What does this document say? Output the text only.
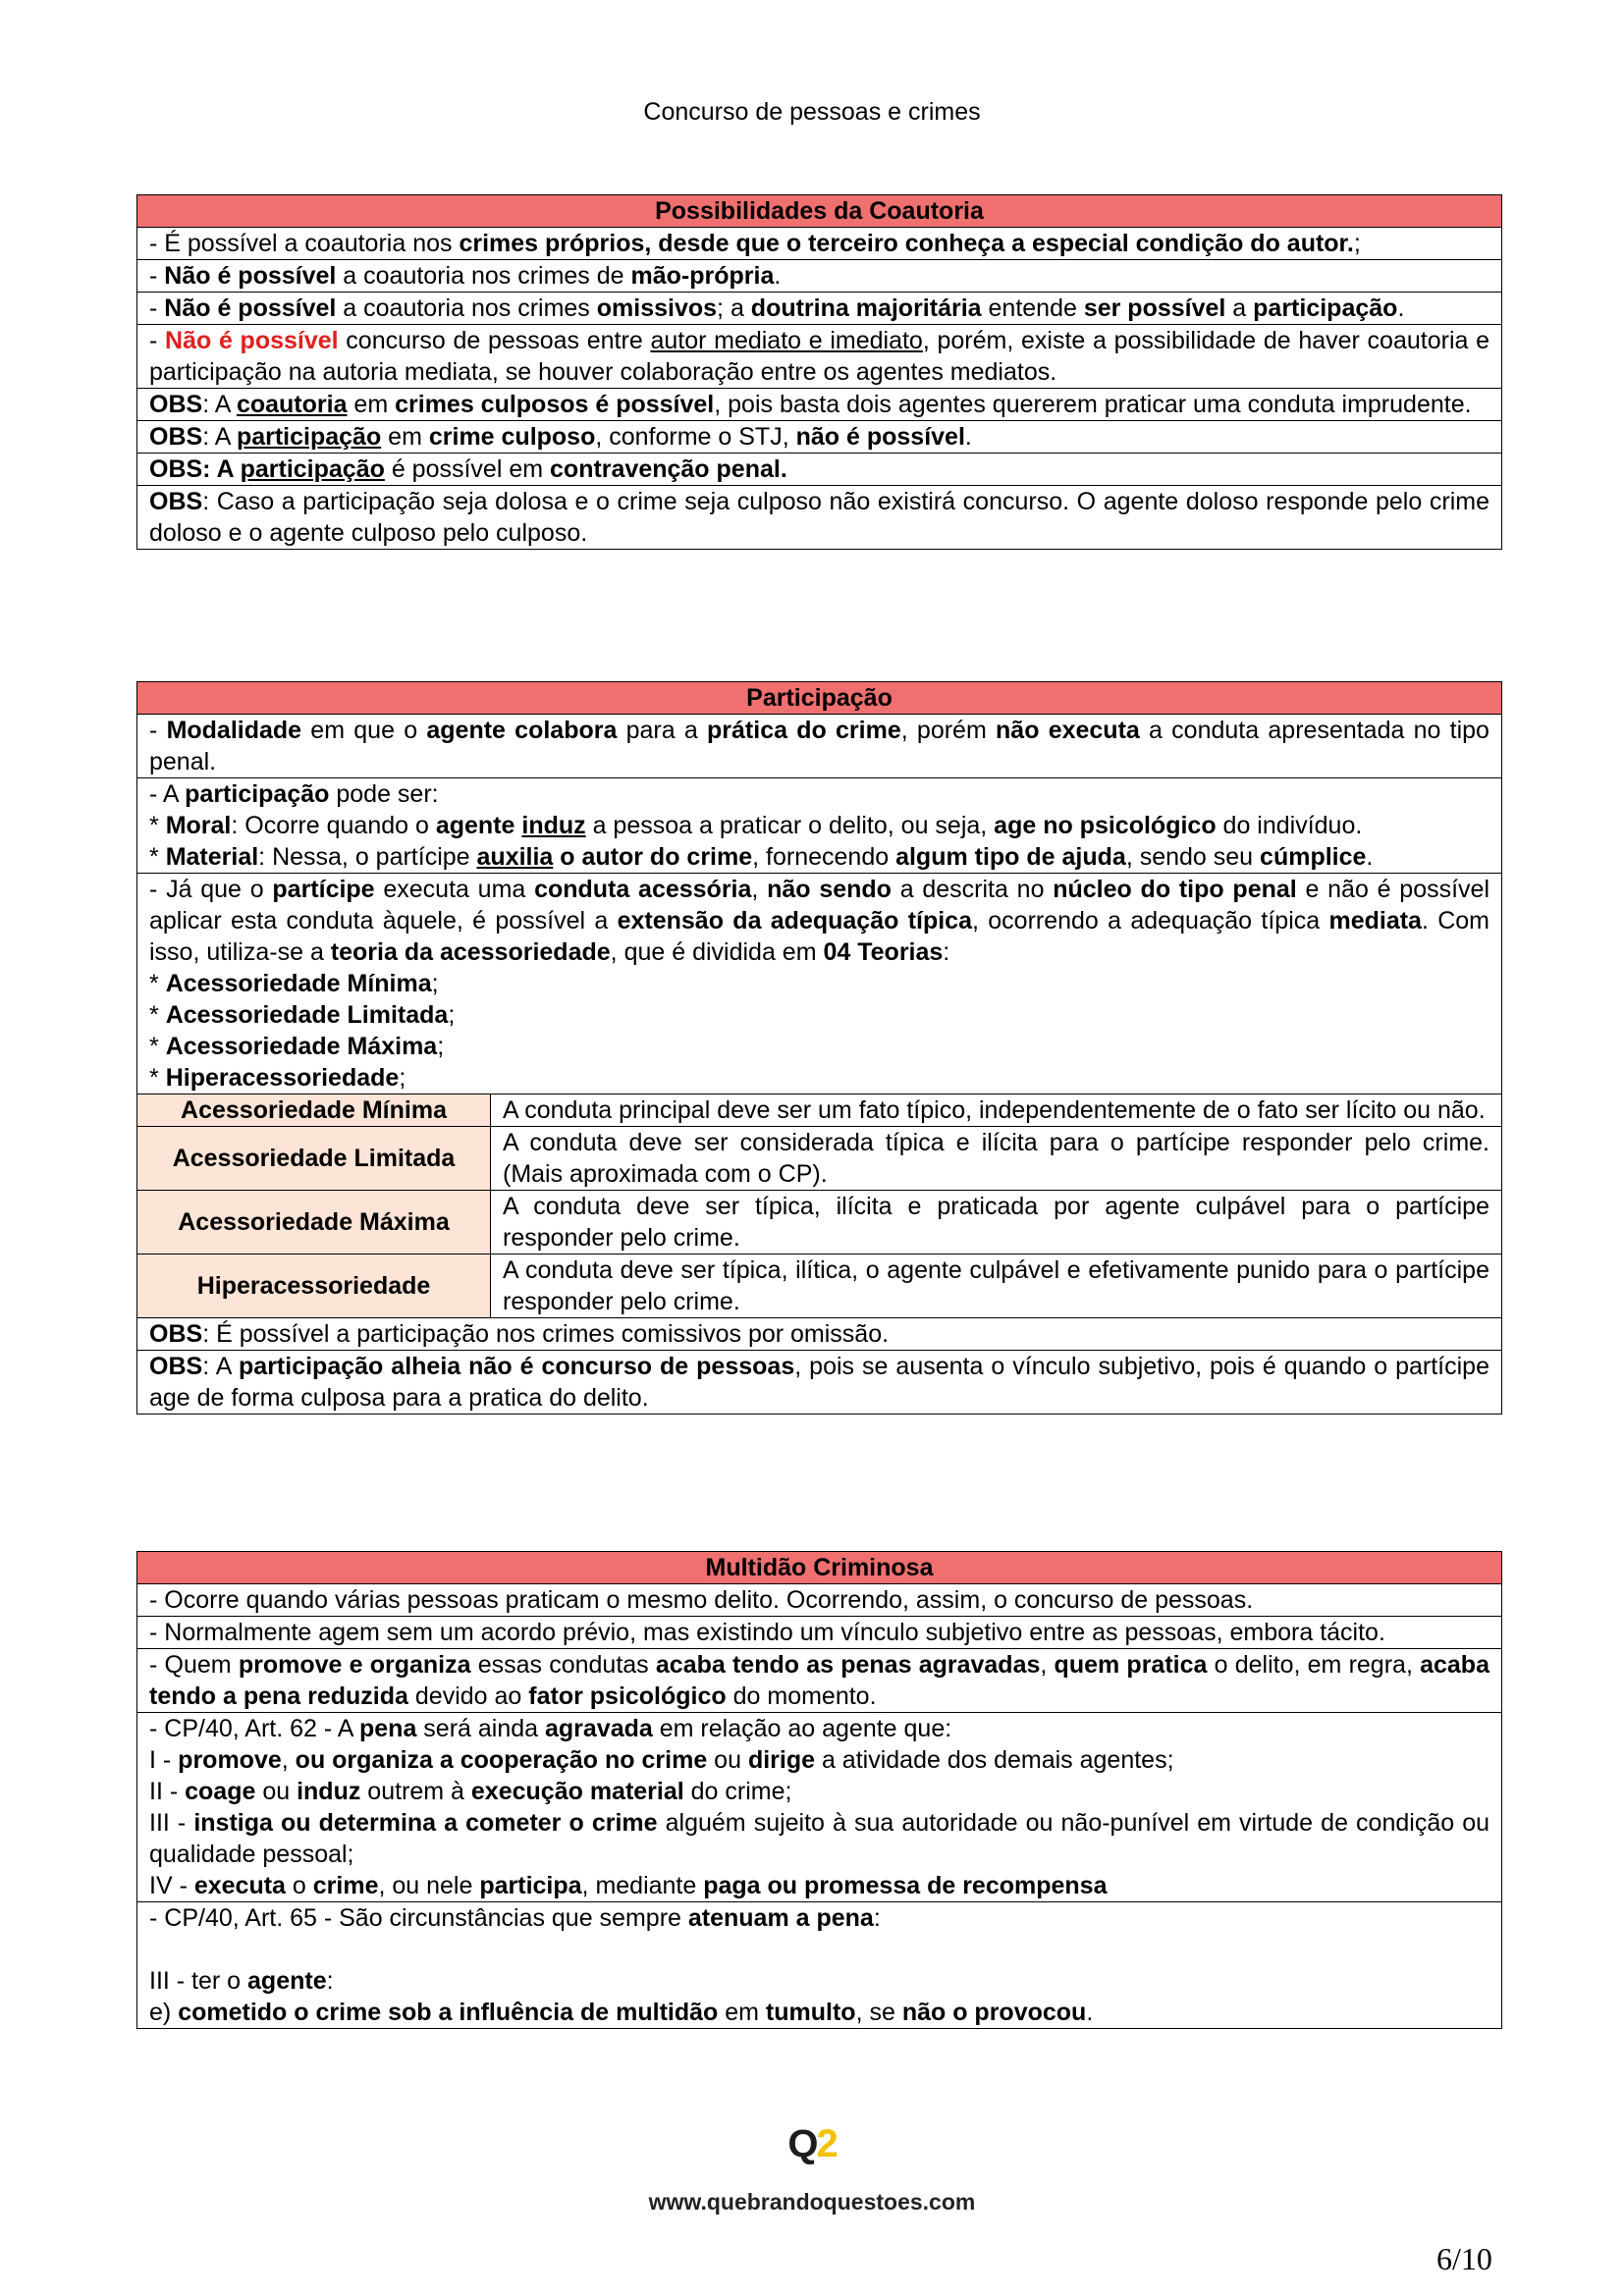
Concurso de pessoas e crimes
Possibilidades da Coautoria
- É possível a coautoria nos crimes próprios, desde que o terceiro conheça a especial condição do autor.;
- Não é possível a coautoria nos crimes de mão-própria.
- Não é possível a coautoria nos crimes omissivos; a doutrina majoritária entende ser possível a participação.
- Não é possível concurso de pessoas entre autor mediato e imediato, porém, existe a possibilidade de haver coautoria e participação na autoria mediata, se houver colaboração entre os agentes mediatos.
OBS: A coautoria em crimes culposos é possível, pois basta dois agentes quererem praticar uma conduta imprudente.
OBS: A participação em crime culposo, conforme o STJ, não é possível.
OBS: A participação é possível em contravenção penal.
OBS: Caso a participação seja dolosa e o crime seja culposo não existirá concurso. O agente doloso responde pelo crime doloso e o agente culposo pelo culposo.
Participação
- Modalidade em que o agente colabora para a prática do crime, porém não executa a conduta apresentada no tipo penal.

- A participação pode ser:
* Moral: Ocorre quando o agente induz a pessoa a praticar o delito, ou seja, age no psicológico do indivíduo.
* Material: Nessa, o partícipe auxilia o autor do crime, fornecendo algum tipo de ajuda, sendo seu cúmplice.

- Já que o partícipe executa uma conduta acessória, não sendo a descrita no núcleo do tipo penal e não é possível aplicar esta conduta àquele, é possível a extensão da adequação típica, ocorrendo a adequação típica mediata. Com isso, utiliza-se a teoria da acessoriedade, que é dividida em 04 Teorias:
* Acessoriedade Mínima;
* Acessoriedade Limitada;
* Acessoriedade Máxima;
* Hiperacessoriedade;

Acessoriedade Mínima	A conduta principal deve ser um fato típico, independentemente de o fato ser lícito ou não.
Acessoriedade Limitada	A conduta deve ser considerada típica e ilícita para o partícipe responder pelo crime. (Mais aproximada com o CP).
Acessoriedade Máxima	A conduta deve ser típica, ilícita e praticada por agente culpável para o partícipe responder pelo crime.
Hiperacessoriedade	A conduta deve ser típica, ilítica, o agente culpável e efetivamente punido para o partícipe responder pelo crime.

OBS: É possível a participação nos crimes comissivos por omissão.
OBS: A participação alheia não é concurso de pessoas, pois se ausenta o vínculo subjetivo, pois é quando o partícipe age de forma culposa para a pratica do delito.
Multidão Criminosa
- Ocorre quando várias pessoas praticam o mesmo delito. Ocorrendo, assim, o concurso de pessoas.
- Normalmente agem sem um acordo prévio, mas existindo um vínculo subjetivo entre as pessoas, embora tácito.
- Quem promove e organiza essas condutas acaba tendo as penas agravadas, quem pratica o delito, em regra, acaba tendo a pena reduzida devido ao fator psicológico do momento.

- CP/40, Art. 62 - A pena será ainda agravada em relação ao agente que:
I - promove, ou organiza a cooperação no crime ou dirige a atividade dos demais agentes;
II - coage ou induz outrem à execução material do crime;
III - instiga ou determina a cometer o crime alguém sujeito à sua autoridade ou não-punível em virtude de condição ou qualidade pessoal;
IV - executa o crime, ou nele participa, mediante paga ou promessa de recompensa

- CP/40, Art. 65 - São circunstâncias que sempre atenuam a pena:
III - ter o agente:
e) cometido o crime sob a influência de multidão em tumulto, se não o provocou.
Q2
www.quebrandoquestoes.com
6/10
